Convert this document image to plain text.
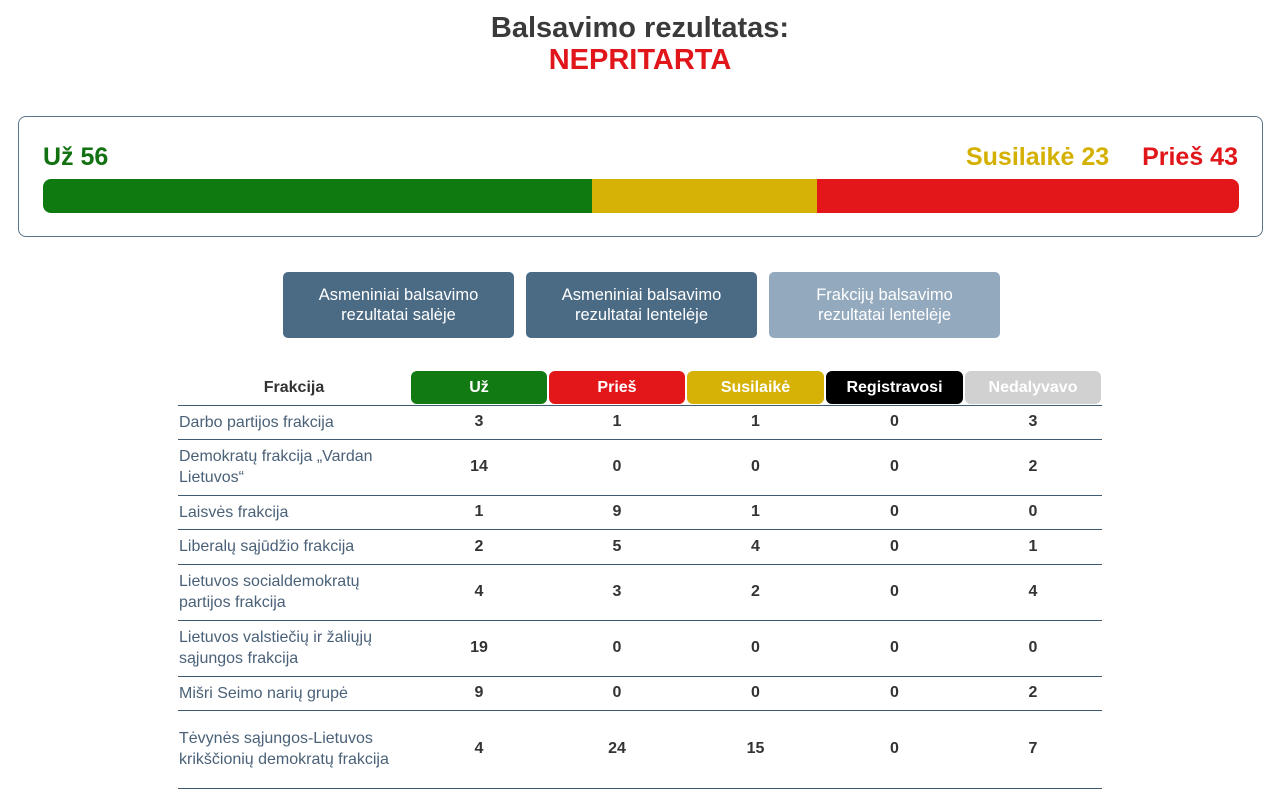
Balsavimo rezultatas:
NEPRITARTA
Už 56	Susilaikė 23 Prieš 43
Asmeniniai balsavimo rezultatai salėje
Asmeniniai balsavimo rezultatai lentelėje
Frakcijų balsavimo rezultatai lentelėje
Frakcija	Už	Prieš	Susilaikė	Registravosi	Nedalyvavo

Darbo partijos frakcija	3	1	1	0	3
Demokratų frakcija „Vardan Lietuvos“	14	0	0	0	2
Laisvės frakcija	1	9	1	0	0
Liberalų sąjūdžio frakcija	2	5	4	0	1
Lietuvos socialdemokratų partijos frakcija	4	3	2	0	4
Lietuvos valstiečių ir žaliųjų sąjungos frakcija	19	0	0	0	0
Mišri Seimo narių grupė	9	0	0	0	2
Tėvynės sąjungos-Lietuvos krikščionių demokratų frakcija	4	24	15	0	7
